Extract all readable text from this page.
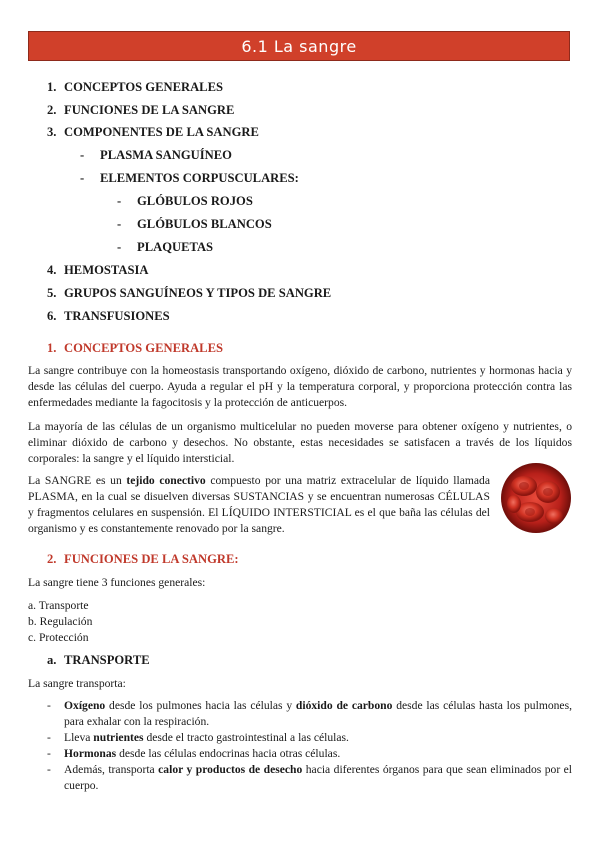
6.1 La sangre
1. CONCEPTOS GENERALES
2. FUNCIONES DE LA SANGRE
3. COMPONENTES DE LA SANGRE
- PLASMA SANGUÍNEO
- ELEMENTOS CORPUSCULARES:
- GLÓBULOS ROJOS
- GLÓBULOS BLANCOS
- PLAQUETAS
4. HEMOSTASIA
5. GRUPOS SANGUÍNEOS Y TIPOS DE SANGRE
6. TRANSFUSIONES
1. CONCEPTOS GENERALES
La sangre contribuye con la homeostasis transportando oxígeno, dióxido de carbono, nutrientes y hormonas hacia y desde las células del cuerpo. Ayuda a regular el pH y la temperatura corporal, y proporciona protección contra las enfermedades mediante la fagocitosis y la protección de anticuerpos.
La mayoría de las células de un organismo multicelular no pueden moverse para obtener oxígeno y nutrientes, o eliminar dióxido de carbono y desechos. No obstante, estas necesidades se satisfacen a través de los líquidos corporales: la sangre y el líquido intersticial.
La SANGRE es un tejido conectivo compuesto por una matriz extracelular de líquido llamada PLASMA, en la cual se disuelven diversas SUSTANCIAS y se encuentran numerosas CÉLULAS y fragmentos celulares en suspensión. El LÍQUIDO INTERSTICIAL es el que baña las células del organismo y es constantemente renovado por la sangre.
2. FUNCIONES DE LA SANGRE:
La sangre tiene 3 funciones generales:
a. Transporte
b. Regulación
c. Protección
a. TRANSPORTE
La sangre transporta:
-	Oxígeno desde los pulmones hacia las células y dióxido de carbono desde las células hasta los pulmones, para exhalar con la respiración.
-	Lleva nutrientes desde el tracto gastrointestinal a las células.
-	Hormonas desde las células endocrinas hacia otras células.
-	Además, transporta calor y productos de desecho hacia diferentes órganos para que sean eliminados por el cuerpo.
